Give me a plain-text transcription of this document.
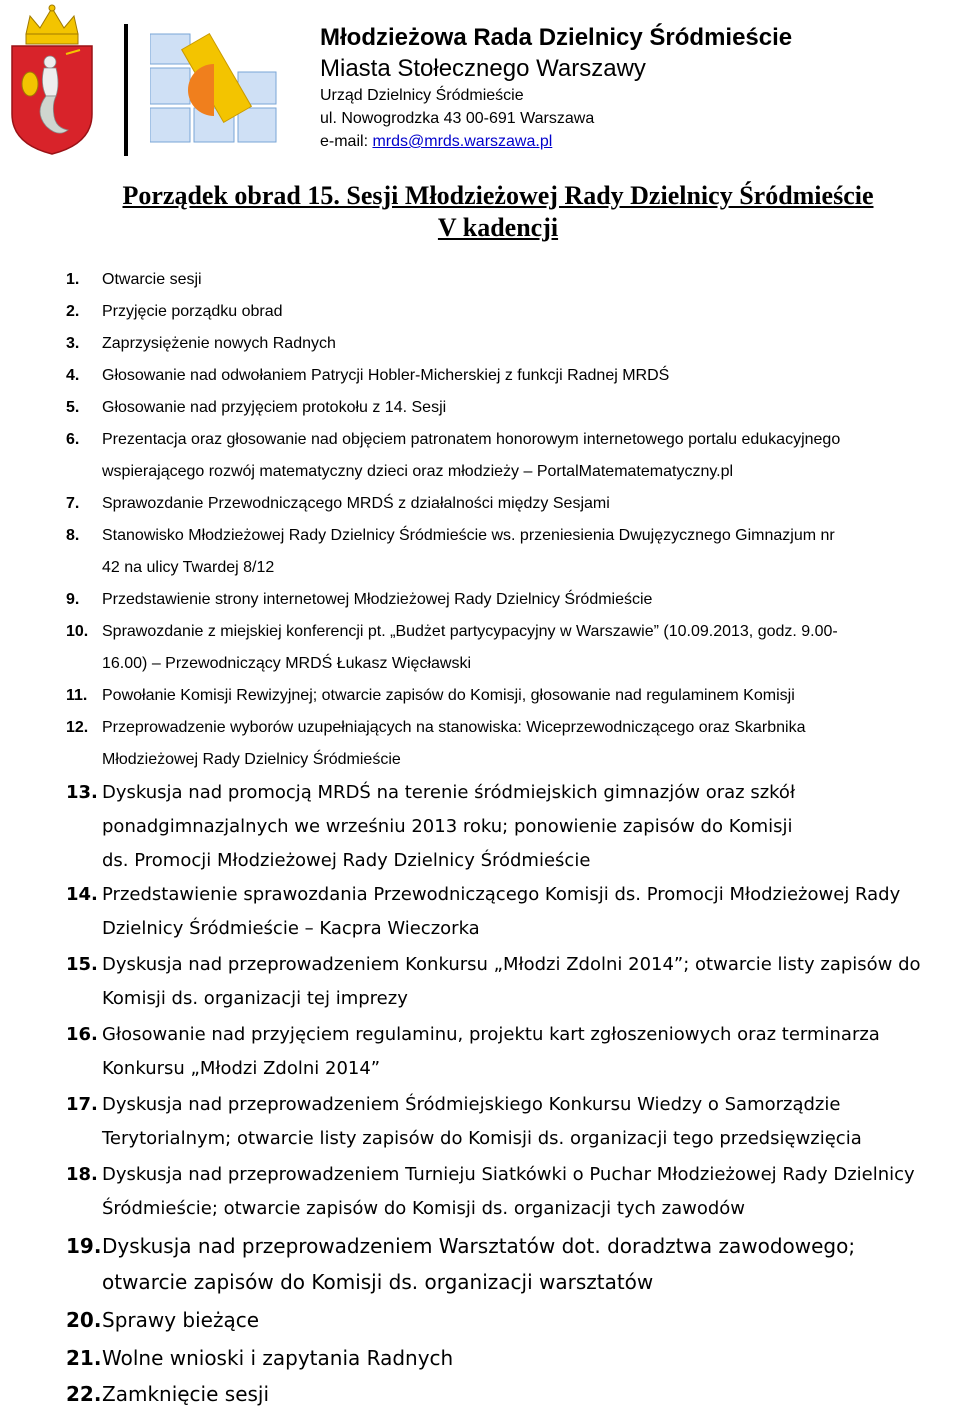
Młodzieżowa Rada Dzielnicy Śródmieście
Miasta Stołecznego Warszawy
Urząd Dzielnicy Śródmieście
ul. Nowogrodzka 43 00-691 Warszawa
e-mail: mrds@mrds.warszawa.pl
Porządek obrad 15. Sesji Młodzieżowej Rady Dzielnicy Śródmieście
V kadencji
1. Otwarcie sesji
2. Przyjęcie porządku obrad
3. Zaprzysiężenie nowych Radnych
4. Głosowanie nad odwołaniem Patrycji Hobler-Micherskiej z funkcji Radnej MRDŚ
5. Głosowanie nad przyjęciem protokołu z 14. Sesji
6. Prezentacja oraz głosowanie nad objęciem patronatem honorowym internetowego portalu edukacyjnego
wspierającego rozwój matematyczny dzieci oraz młodzieży – PortalMatematematyczny.pl
7. Sprawozdanie Przewodniczącego MRDŚ z działalności między Sesjami
8. Stanowisko Młodzieżowej Rady Dzielnicy Śródmieście ws. przeniesienia Dwujęzycznego Gimnazjum nr
42 na ulicy Twardej 8/12
9. Przedstawienie strony internetowej Młodzieżowej Rady Dzielnicy Śródmieście
10. Sprawozdanie z miejskiej konferencji pt. „Budżet partycypacyjny w Warszawie” (10.09.2013, godz. 9.00-
16.00) – Przewodniczący MRDŚ Łukasz Więcławski
11. Powołanie Komisji Rewizyjnej; otwarcie zapisów do Komisji, głosowanie nad regulaminem Komisji
12. Przeprowadzenie wyborów uzupełniających na stanowiska: Wiceprzewodniczącego oraz Skarbnika
Młodzieżowej Rady Dzielnicy Śródmieście
13. Dyskusja nad promocją MRDŚ na terenie śródmiejskich gimnazjów oraz szkół
ponadgimnazjalnych we wrześniu 2013 roku; ponowienie zapisów do Komisji
ds. Promocji Młodzieżowej Rady Dzielnicy Śródmieście
14. Przedstawienie sprawozdania Przewodniczącego Komisji ds. Promocji Młodzieżowej Rady
Dzielnicy Śródmieście – Kacpra Wieczorka
15. Dyskusja nad przeprowadzeniem Konkursu „Młodzi Zdolni 2014”; otwarcie listy zapisów do
Komisji ds. organizacji tej imprezy
16. Głosowanie nad przyjęciem regulaminu, projektu kart zgłoszeniowych oraz terminarza
Konkursu „Młodzi Zdolni 2014”
17. Dyskusja nad przeprowadzeniem Śródmiejskiego Konkursu Wiedzy o Samorządzie
Terytorialnym; otwarcie listy zapisów do Komisji ds. organizacji tego przedsięwzięcia
18. Dyskusja nad przeprowadzeniem Turnieju Siatkówki o Puchar Młodzieżowej Rady Dzielnicy
Śródmieście; otwarcie zapisów do Komisji ds. organizacji tych zawodów
19. Dyskusja nad przeprowadzeniem Warsztatów dot. doradztwa zawodowego;
otwarcie zapisów do Komisji ds. organizacji warsztatów
20. Sprawy bieżące
21. Wolne wnioski i zapytania Radnych
22. Zamknięcie sesji
